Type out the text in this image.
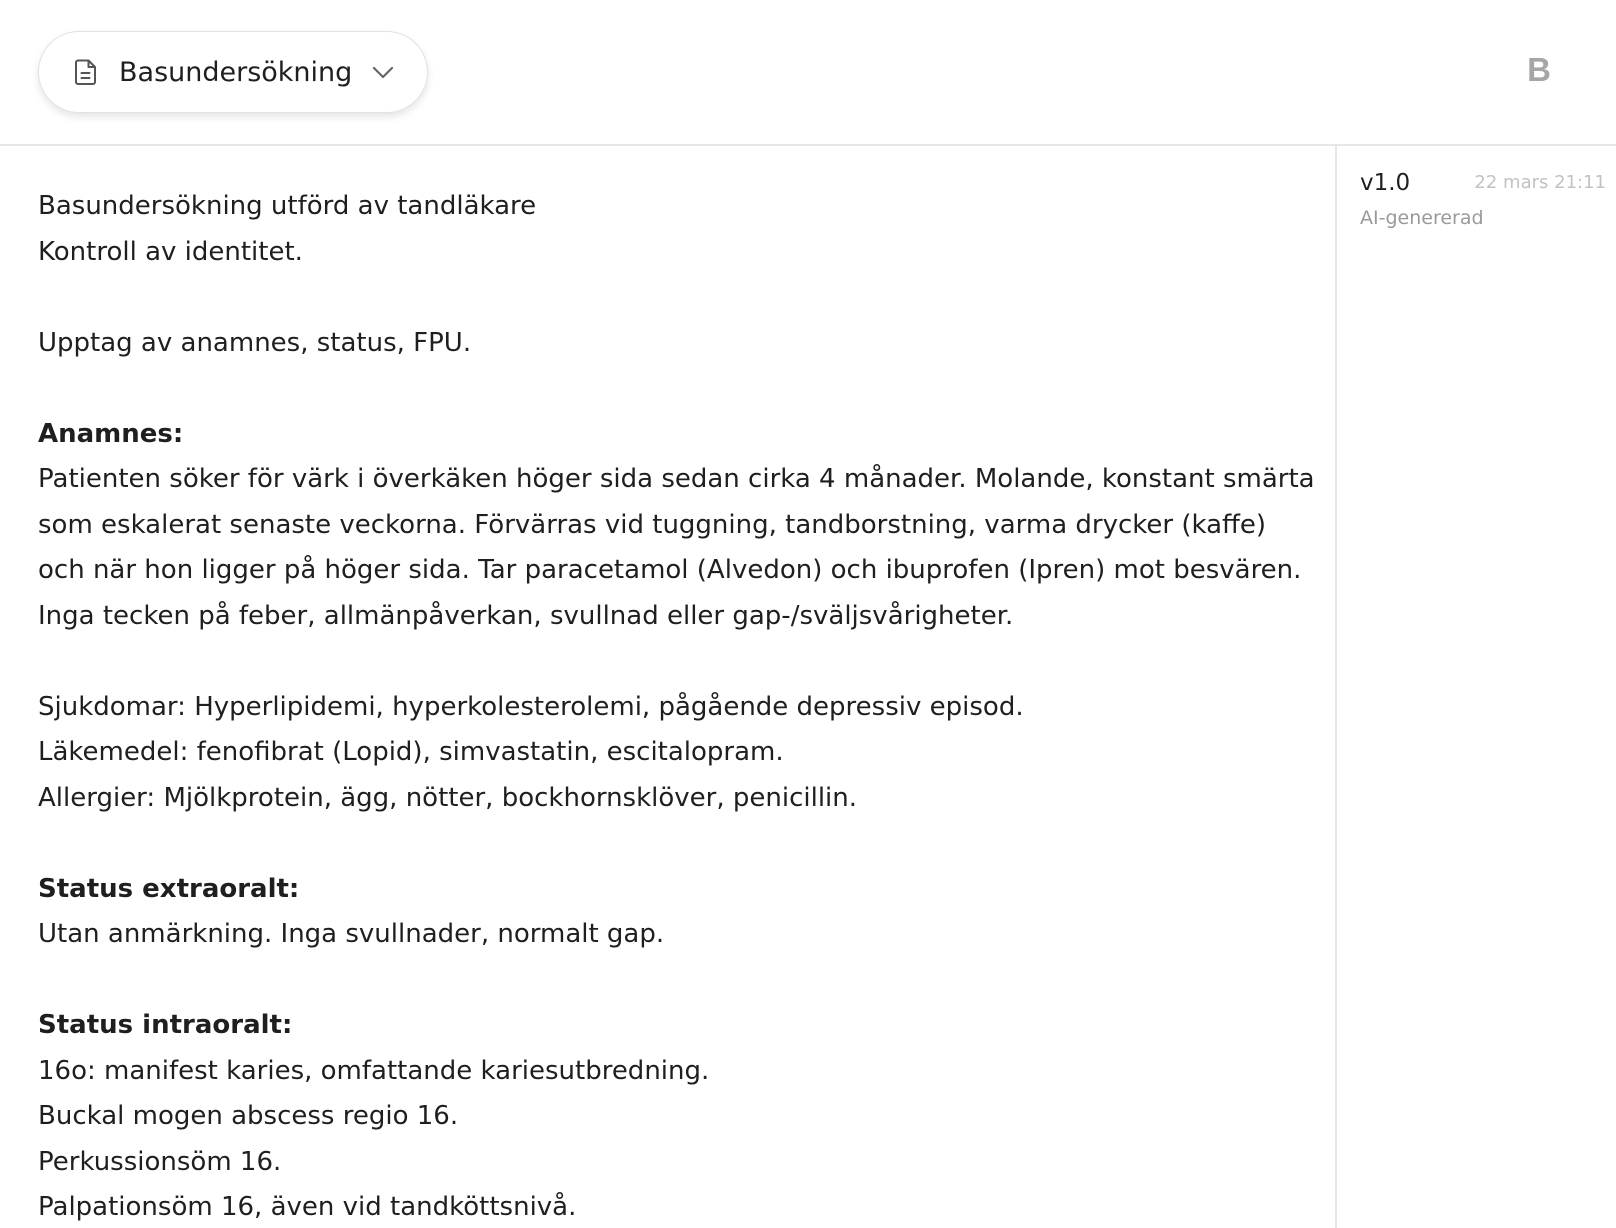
Basundersökning	B
Basundersökning utförd av tandläkare
Kontroll av identitet.
Upptag av anamnes, status, FPU.
Anamnes:
Patienten söker för värk i överkäken höger sida sedan cirka 4 månader. Molande, konstant smärta
som eskalerat senaste veckorna. Förvärras vid tuggning, tandborstning, varma drycker (kaffe)
och när hon ligger på höger sida. Tar paracetamol (Alvedon) och ibuprofen (Ipren) mot besvären.
Inga tecken på feber, allmänpåverkan, svullnad eller gap-/sväljsvårigheter.
Sjukdomar: Hyperlipidemi, hyperkolesterolemi, pågående depressiv episod.
Läkemedel: fenofibrat (Lopid), simvastatin, escitalopram.
Allergier: Mjölkprotein, ägg, nötter, bockhornsklöver, penicillin.
Status extraoralt:
Utan anmärkning. Inga svullnader, normalt gap.
Status intraoralt:
16o: manifest karies, omfattande kariesutbredning.
Buckal mogen abscess regio 16.
Perkussionsöm 16.
Palpationsöm 16, även vid tandköttsnivå.
v1.0	22 mars 21:11
AI-genererad
